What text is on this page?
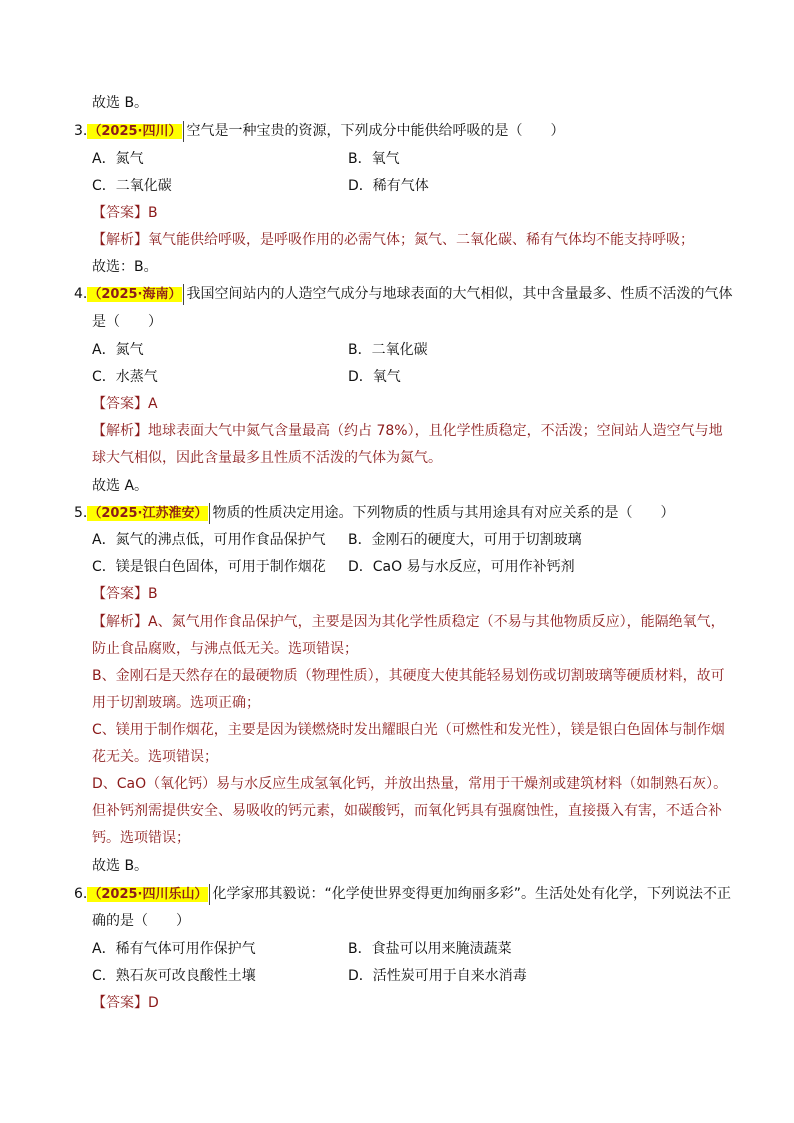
故选 B。
3.（2025·四川） 空气是一种宝贵的资源，下列成分中能供给呼吸的是（　　）
A．氮气	B．氧气
C．二氧化碳	D．稀有气体
【答案】B
【解析】氧气能供给呼吸，是呼吸作用的必需气体；氮气、二氧化碳、稀有气体均不能支持呼吸；
故选：B。
4.（2025·海南） 我国空间站内的人造空气成分与地球表面的大气相似，其中含量最多、性质不活泼的气体
是（　　）
A．氮气	B．二氧化碳
C．水蒸气	D．氧气
【答案】A
【解析】地球表面大气中氮气含量最高（约占 78%），且化学性质稳定，不活泼；空间站人造空气与地
球大气相似，因此含量最多且性质不活泼的气体为氮气。
故选 A。
5.（2025·江苏淮安） 物质的性质决定用途。下列物质的性质与其用途具有对应关系的是（　　）
A．氮气的沸点低，可用作食品保护气 B．金刚石的硬度大，可用于切割玻璃
C．镁是银白色固体，可用于制作烟花 D．CaO 易与水反应，可用作补钙剂
【答案】B
【解析】A、氮气用作食品保护气，主要是因为其化学性质稳定（不易与其他物质反应），能隔绝氧气，
防止食品腐败，与沸点低无关。选项错误；
B、金刚石是天然存在的最硬物质（物理性质），其硬度大使其能轻易划伤或切割玻璃等硬质材料，故可
用于切割玻璃。选项正确；
C、镁用于制作烟花，主要是因为镁燃烧时发出耀眼白光（可燃性和发光性），镁是银白色固体与制作烟
花无关。选项错误；
D、CaO（氧化钙）易与水反应生成氢氧化钙，并放出热量，常用于干燥剂或建筑材料（如制熟石灰）。
但补钙剂需提供安全、易吸收的钙元素，如碳酸钙，而氧化钙具有强腐蚀性，直接摄入有害，不适合补
钙。选项错误；
故选 B。
6.（2025·四川乐山） 化学家邢其毅说：“化学使世界变得更加绚丽多彩”。生活处处有化学，下列说法不正
确的是（　　）
A．稀有气体可用作保护气	B．食盐可以用来腌渍蔬菜
C．熟石灰可改良酸性土壤	D．活性炭可用于自来水消毒
【答案】D
